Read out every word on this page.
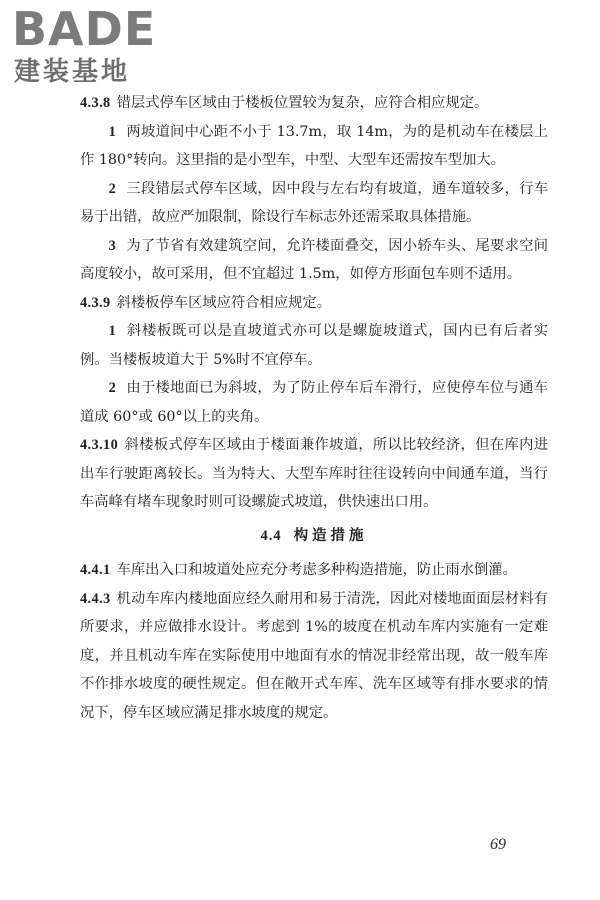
BADE
建装基地

4.3.8 错层式停车区域由于楼板位置较为复杂，应符合相应规定。

1 两坡道间中心距不小于 13.7m，取 14m，为的是机动车在楼层上作 180°转向。这里指的是小型车，中型、大型车还需按车型加大。

2 三段错层式停车区域，因中段与左右均有坡道，通车道较多，行车易于出错，故应严加限制，除设行车标志外还需采取具体措施。

3 为了节省有效建筑空间，允许楼面叠交，因小轿车头、尾要求空间高度较小，故可采用，但不宜超过 1.5m，如停方形面包车则不适用。

4.3.9 斜楼板停车区域应符合相应规定。

1 斜楼板既可以是直坡道式亦可以是螺旋坡道式，国内已有后者实例。当楼板坡道大于 5%时不宜停车。

2 由于楼地面已为斜坡，为了防止停车后车滑行，应使停车位与通车道成 60°或 60°以上的夹角。

4.3.10 斜楼板式停车区域由于楼面兼作坡道，所以比较经济，但在库内进出车行驶距离较长。当为特大、大型车库时往往设转向中间通车道，当行车高峰有堵车现象时则可设螺旋式坡道，供快速出口用。

4.4 构造措施

4.4.1 车库出入口和坡道处应充分考虑多种构造措施，防止雨水倒灌。

4.4.3 机动车库内楼地面应经久耐用和易于清洗，因此对楼地面面层材料有所要求，并应做排水设计。考虑到 1%的坡度在机动车库内实施有一定难度，并且机动车库在实际使用中地面有水的情况非经常出现，故一般车库不作排水坡度的硬性规定。但在敞开式车库、洗车区域等有排水要求的情况下，停车区域应满足排水坡度的规定。

69
